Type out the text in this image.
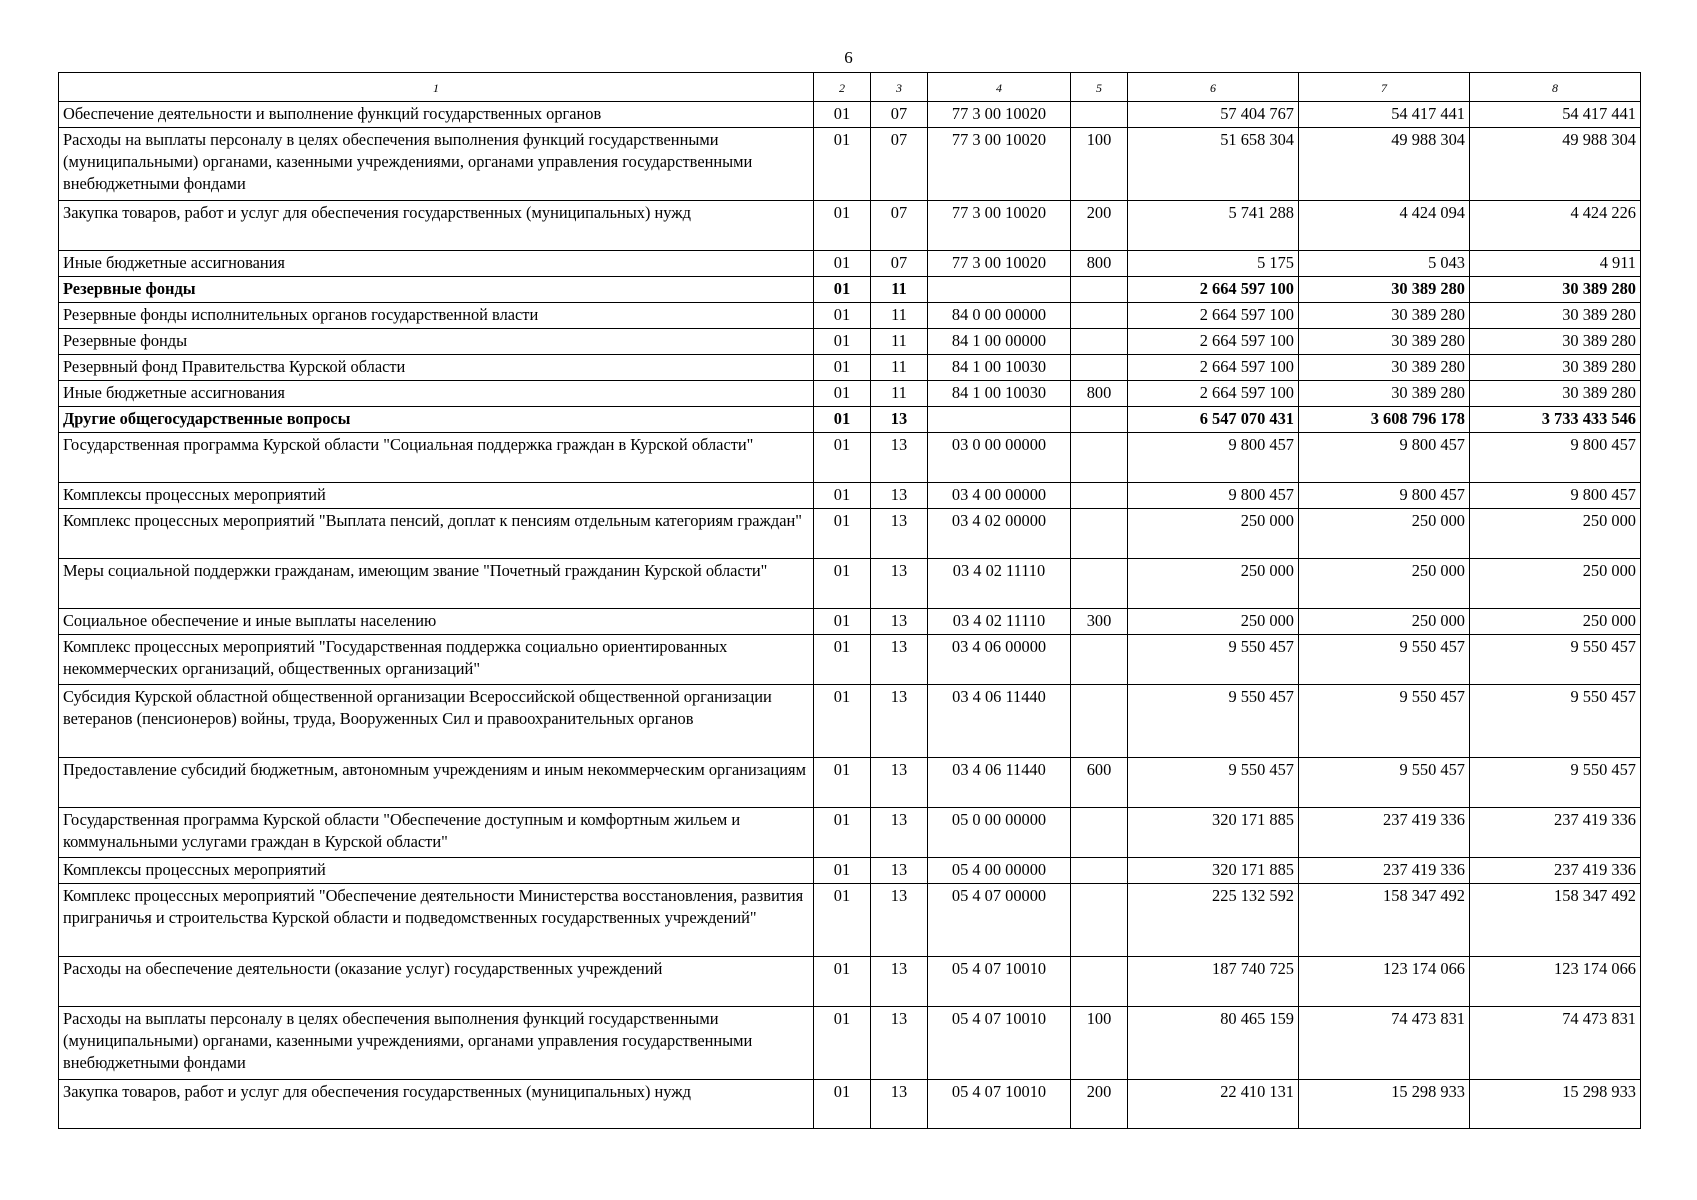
6
1	2	3	4	5	6	7	8
Обеспечение деятельности и выполнение функций государственных органов	01	07	77 3 00 10020		57 404 767	54 417 441	54 417 441
Расходы на выплаты персоналу в целях обеспечения выполнения функций государственными (муниципальными) органами, казенными учреждениями, органами управления государственными внебюджетными фондами	01	07	77 3 00 10020	100	51 658 304	49 988 304	49 988 304
Закупка товаров, работ и услуг для обеспечения государственных (муниципальных) нужд	01	07	77 3 00 10020	200	5 741 288	4 424 094	4 424 226
Иные бюджетные ассигнования	01	07	77 3 00 10020	800	5 175	5 043	4 911
Резервные фонды	01	11			2 664 597 100	30 389 280	30 389 280
Резервные фонды исполнительных органов государственной власти	01	11	84 0 00 00000		2 664 597 100	30 389 280	30 389 280
Резервные фонды	01	11	84 1 00 00000		2 664 597 100	30 389 280	30 389 280
Резервный фонд Правительства Курской области	01	11	84 1 00 10030		2 664 597 100	30 389 280	30 389 280
Иные бюджетные ассигнования	01	11	84 1 00 10030	800	2 664 597 100	30 389 280	30 389 280
Другие общегосударственные вопросы	01	13			6 547 070 431	3 608 796 178	3 733 433 546
Государственная программа Курской области "Социальная поддержка граждан в Курской области"	01	13	03 0 00 00000		9 800 457	9 800 457	9 800 457
Комплексы процессных мероприятий	01	13	03 4 00 00000		9 800 457	9 800 457	9 800 457
Комплекс процессных мероприятий "Выплата пенсий, доплат к пенсиям отдельным категориям граждан"	01	13	03 4 02 00000		250 000	250 000	250 000
Меры социальной поддержки гражданам, имеющим звание "Почетный гражданин Курской области"	01	13	03 4 02 11110		250 000	250 000	250 000
Социальное обеспечение и иные выплаты населению	01	13	03 4 02 11110	300	250 000	250 000	250 000
Комплекс процессных мероприятий "Государственная поддержка социально ориентированных некоммерческих организаций, общественных организаций"	01	13	03 4 06 00000		9 550 457	9 550 457	9 550 457
Субсидия Курской областной общественной организации Всероссийской общественной организации ветеранов (пенсионеров) войны, труда, Вооруженных Сил и правоохранительных органов	01	13	03 4 06 11440		9 550 457	9 550 457	9 550 457
Предоставление субсидий бюджетным, автономным учреждениям и иным некоммерческим организациям	01	13	03 4 06 11440	600	9 550 457	9 550 457	9 550 457
Государственная программа Курской области "Обеспечение доступным и комфортным жильем и коммунальными услугами граждан в Курской области"	01	13	05 0 00 00000		320 171 885	237 419 336	237 419 336
Комплексы процессных мероприятий	01	13	05 4 00 00000		320 171 885	237 419 336	237 419 336
Комплекс процессных мероприятий "Обеспечение деятельности Министерства восстановления, развития приграничья и строительства Курской области и подведомственных государственных учреждений"	01	13	05 4 07 00000		225 132 592	158 347 492	158 347 492
Расходы на обеспечение деятельности (оказание услуг) государственных учреждений	01	13	05 4 07 10010		187 740 725	123 174 066	123 174 066
Расходы на выплаты персоналу в целях обеспечения выполнения функций государственными (муниципальными) органами, казенными учреждениями, органами управления государственными внебюджетными фондами	01	13	05 4 07 10010	100	80 465 159	74 473 831	74 473 831
Закупка товаров, работ и услуг для обеспечения государственных (муниципальных) нужд	01	13	05 4 07 10010	200	22 410 131	15 298 933	15 298 933
